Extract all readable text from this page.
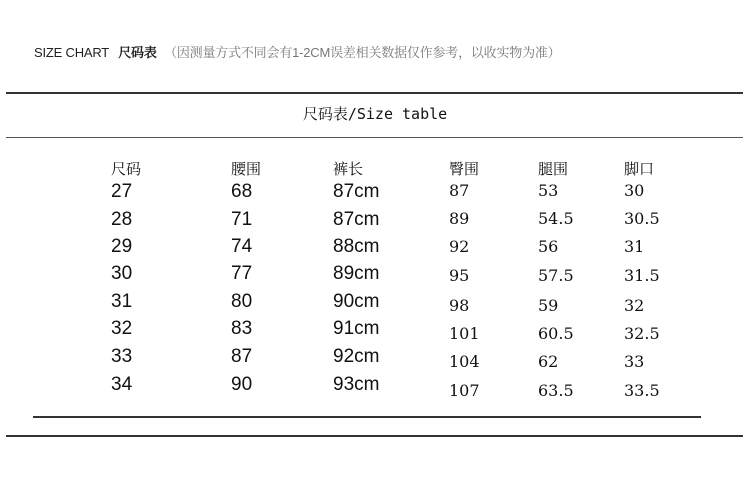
SIZE CHART 尺码表 （因测量方式不同会有1-2CM误差相关数据仅作参考，以收实物为准）
尺码表/Size table
尺码	腰围	裤长	臀围	腿围	脚口
27	68	87cm	87	53	30
28	71	87cm	89	54.5	30.5
29	74	88cm	92	56	31
30	77	89cm	95	57.5	31.5
31	80	90cm	98	59	32
32	83	91cm	101	60.5	32.5
33	87	92cm	104	62	33
34	90	93cm	107	63.5	33.5
